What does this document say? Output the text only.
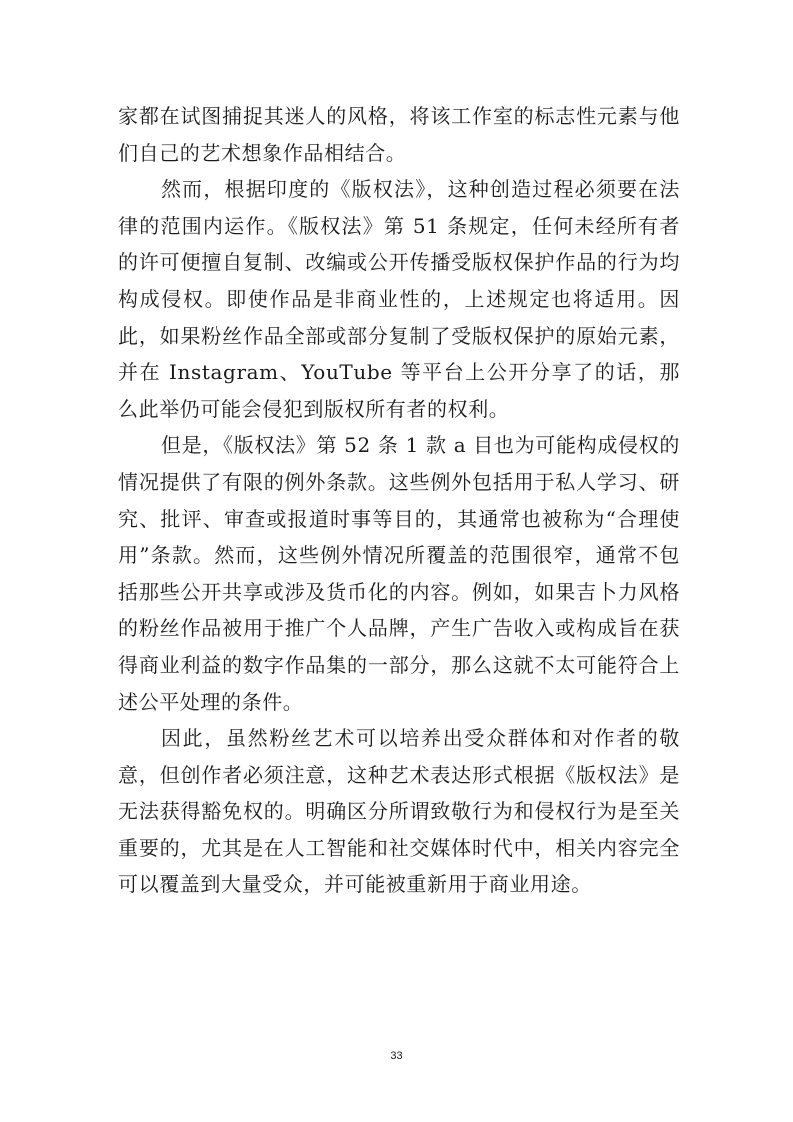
家都在试图捕捉其迷人的风格，将该工作室的标志性元素与他们自己的艺术想象作品相结合。

然而，根据印度的《版权法》，这种创造过程必须要在法律的范围内运作。《版权法》第 51 条规定，任何未经所有者的许可便擅自复制、改编或公开传播受版权保护作品的行为均构成侵权。即使作品是非商业性的，上述规定也将适用。因此，如果粉丝作品全部或部分复制了受版权保护的原始元素，并在 Instagram、YouTube 等平台上公开分享了的话，那么此举仍可能会侵犯到版权所有者的权利。

但是，《版权法》第 52 条 1 款 a 目也为可能构成侵权的情况提供了有限的例外条款。这些例外包括用于私人学习、研究、批评、审查或报道时事等目的，其通常也被称为“合理使用”条款。然而，这些例外情况所覆盖的范围很窄，通常不包括那些公开共享或涉及货币化的内容。例如，如果吉卜力风格的粉丝作品被用于推广个人品牌，产生广告收入或构成旨在获得商业利益的数字作品集的一部分，那么这就不太可能符合上述公平处理的条件。

因此，虽然粉丝艺术可以培养出受众群体和对作者的敬意，但创作者必须注意，这种艺术表达形式根据《版权法》是无法获得豁免权的。明确区分所谓致敬行为和侵权行为是至关重要的，尤其是在人工智能和社交媒体时代中，相关内容完全可以覆盖到大量受众，并可能被重新用于商业用途。

33
